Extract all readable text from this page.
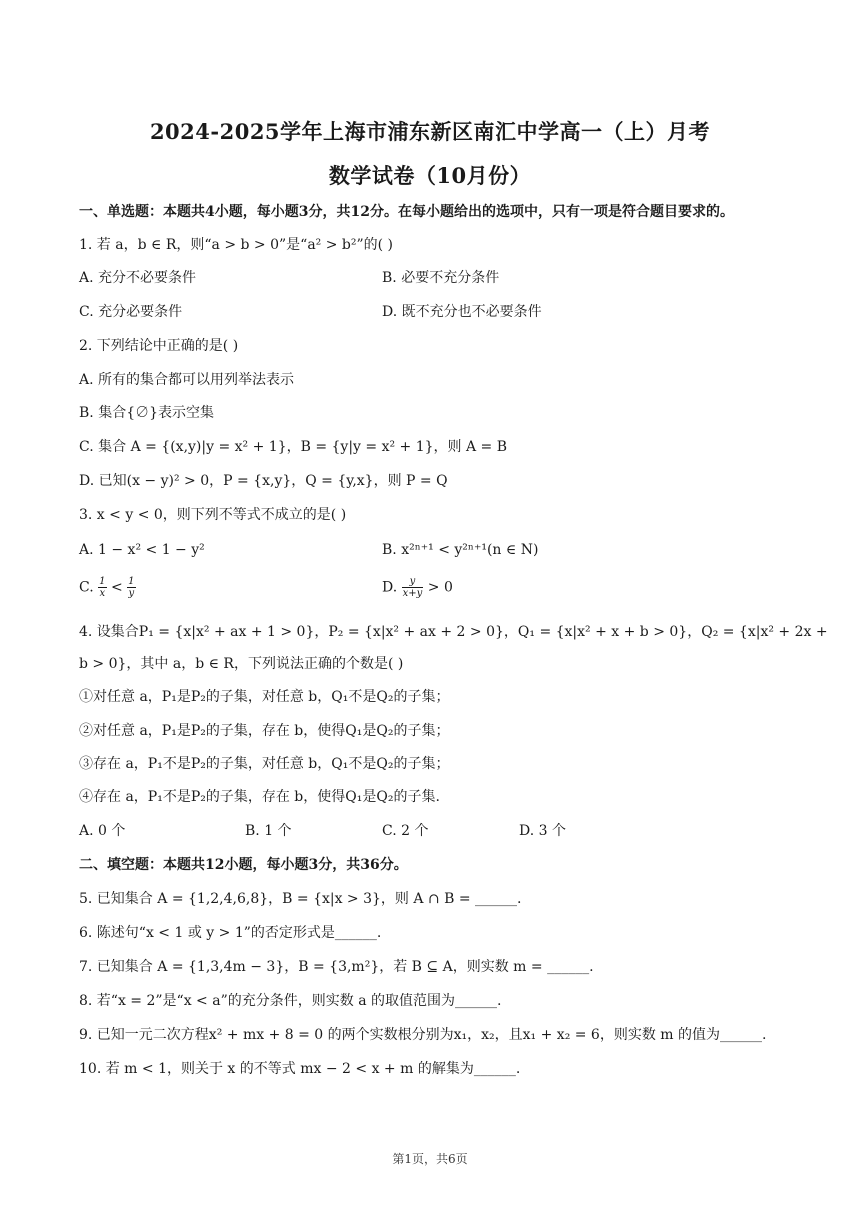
2024-2025学年上海市浦东新区南汇中学高一（上）月考
数学试卷（10月份）
一、单选题：本题共4小题，每小题3分，共12分。在每小题给出的选项中，只有一项是符合题目要求的。
1. 若 a，b ∈ R，则“a > b > 0”是“a² > b²”的( )
A. 充分不必要条件	B. 必要不充分条件
C. 充分必要条件	D. 既不充分也不必要条件
2. 下列结论中正确的是( )
A. 所有的集合都可以用列举法表示
B. 集合{∅}表示空集
C. 集合 A = {(x,y)|y = x² + 1}，B = {y|y = x² + 1}，则 A = B
D. 已知(x − y)² > 0，P = {x,y}，Q = {y,x}，则 P = Q
3. x < y < 0，则下列不等式不成立的是( )
A. 1 − x² < 1 − y²	B. x²ⁿ⁺¹ < y²ⁿ⁺¹(n ∈ N)
C. $\frac{1}{x} < \frac{1}{y}$	D. $\frac{y}{x+y} > 0$
4. 设集合P₁ = {x|x² + ax + 1 > 0}，P₂ = {x|x² + ax + 2 > 0}，Q₁ = {x|x² + x + b > 0}，Q₂ = {x|x² + 2x +
b > 0}，其中 a，b ∈ R，下列说法正确的个数是( )
①对任意 a，P₁是P₂的子集，对任意 b，Q₁不是Q₂的子集；
②对任意 a，P₁是P₂的子集，存在 b，使得Q₁是Q₂的子集；
③存在 a，P₁不是P₂的子集，对任意 b，Q₁不是Q₂的子集；
④存在 a，P₁不是P₂的子集，存在 b，使得Q₁是Q₂的子集.
A. 0 个	B. 1 个	C. 2 个	D. 3 个
二、填空题：本题共12小题，每小题3分，共36分。
5. 已知集合 A = {1,2,4,6,8}，B = {x|x > 3}，则 A ∩ B = ______.
6. 陈述句“x < 1 或 y > 1”的否定形式是______.
7. 已知集合 A = {1,3,4m − 3}，B = {3,m²}，若 B ⊆ A，则实数 m = ______.
8. 若“x = 2”是“x < a”的充分条件，则实数 a 的取值范围为______.
9. 已知一元二次方程x² + mx + 8 = 0 的两个实数根分别为x₁，x₂，且x₁ + x₂ = 6，则实数 m 的值为______.
10. 若 m < 1，则关于 x 的不等式 mx − 2 < x + m 的解集为______.
第1页，共6页
